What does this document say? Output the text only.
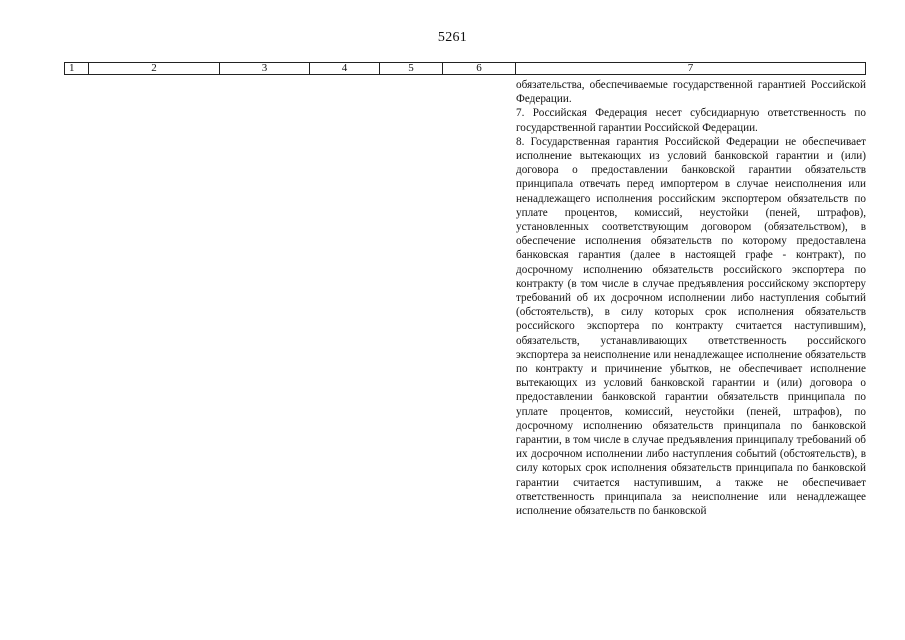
5261
1	2	3	4	5	6	7

обязательства, обеспечиваемые государственной гарантией Российской Федерации.

7. Российская Федерация несет субсидиарную ответственность по государственной гарантии Российской Федерации.

8. Государственная гарантия Российской Федерации не обеспечивает исполнение вытекающих из условий банковской гарантии и (или) договора о предоставлении банковской гарантии обязательств принципала отвечать перед импортером в случае неисполнения или ненадлежащего исполнения российским экспортером обязательств по уплате процентов, комиссий, неустойки (пеней, штрафов), установленных соответствующим договором (обязательством), в обеспечение исполнения обязательств по которому предоставлена банковская гарантия (далее в настоящей графе - контракт), по досрочному исполнению обязательств российского экспортера по контракту (в том числе в случае предъявления российскому экспортеру требований об их досрочном исполнении либо наступления событий (обстоятельств), в силу которых срок исполнения обязательств российского экспортера по контракту считается наступившим), обязательств, устанавливающих ответственность российского экспортера за неисполнение или ненадлежащее исполнение обязательств по контракту и причинение убытков, не обеспечивает исполнение вытекающих из условий банковской гарантии и (или) договора о предоставлении банковской гарантии обязательств принципала по уплате процентов, комиссий, неустойки (пеней, штрафов), по досрочному исполнению обязательств принципала по банковской гарантии, в том числе в случае предъявления принципалу требований об их досрочном исполнении либо наступления событий (обстоятельств), в силу которых срок исполнения обязательств принципала по банковской гарантии считается наступившим, а также не обеспечивает ответственность принципала за неисполнение или ненадлежащее исполнение обязательств по банковской
